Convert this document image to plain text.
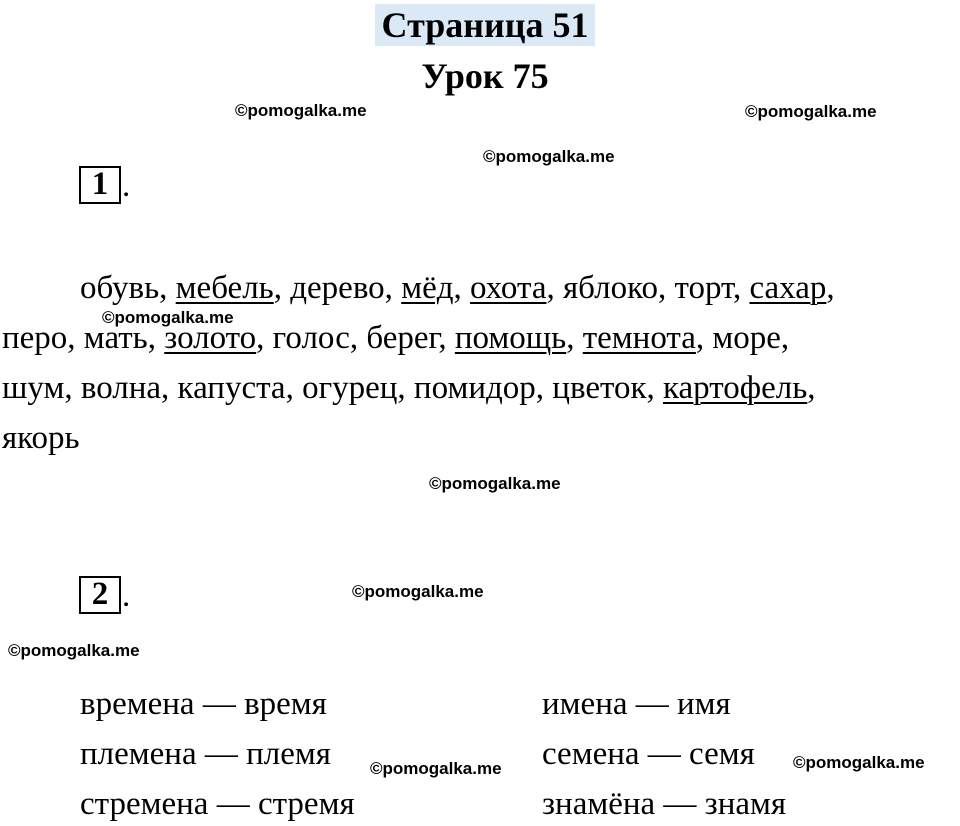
Страница 51
Урок 75
©pomogalka.me	©pomogalka.me
©pomogalka.me
©pomogalka.me
©pomogalka.me
©pomogalka.me
©pomogalka.me
©pomogalka.me	©pomogalka.me
1 .
обувь, мебель, дерево, мёд, охота, яблоко, торт, сахар,
перо, мать, золото, голос, берег, помощь, темнота, море,
шум, волна, капуста, огурец, помидор, цветок, картофель,
якорь
2 .
времена — время
племена — племя
стремена — стремя
имена — имя
семена — семя
знамёна — знамя
